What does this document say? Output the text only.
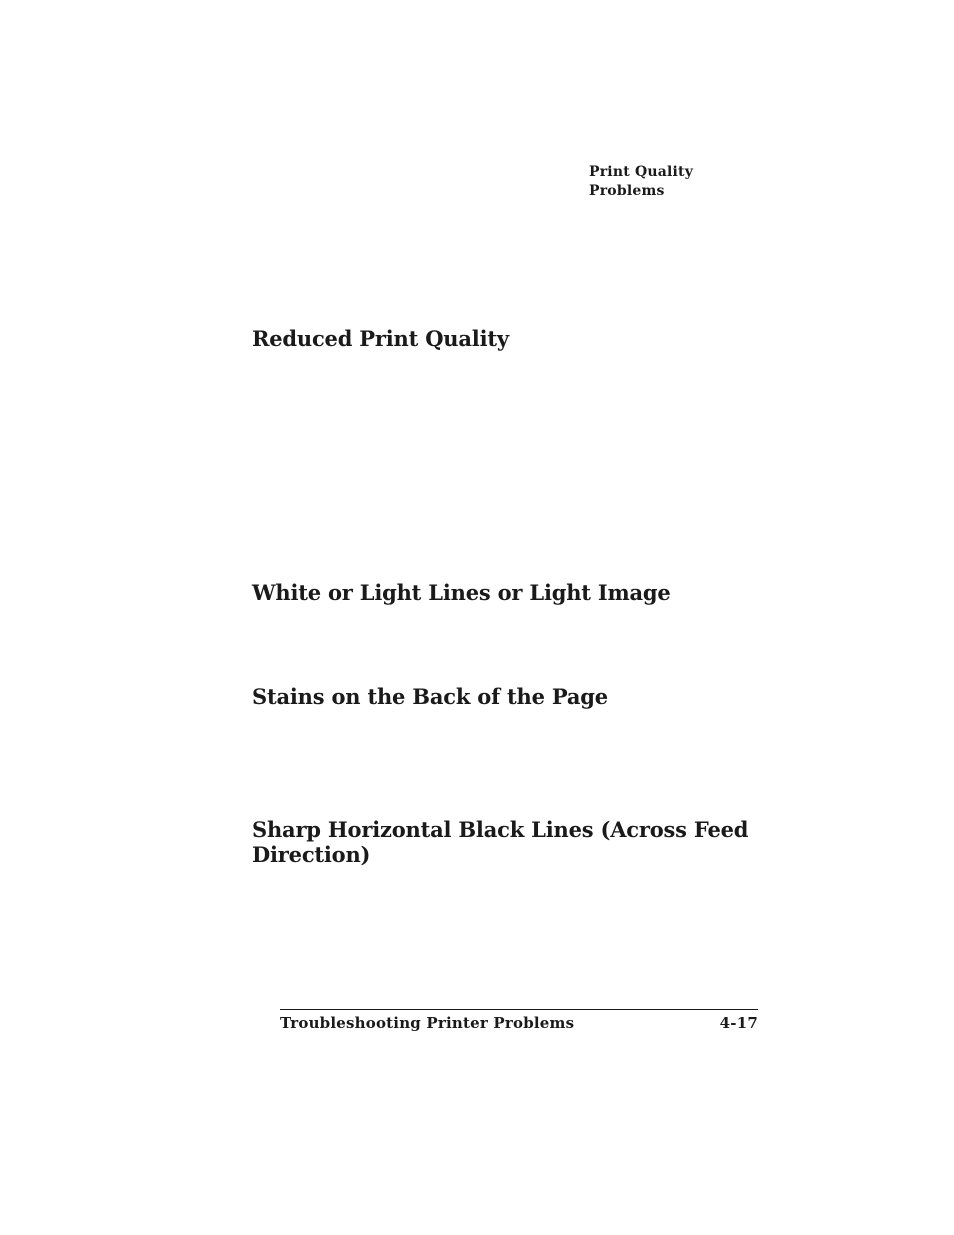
Print Quality
Problems
Reduced Print Quality
White or Light Lines or Light Image
Stains on the Back of the Page
Sharp Horizontal Black Lines (Across Feed Direction)
Troubleshooting Printer Problems	4-17
